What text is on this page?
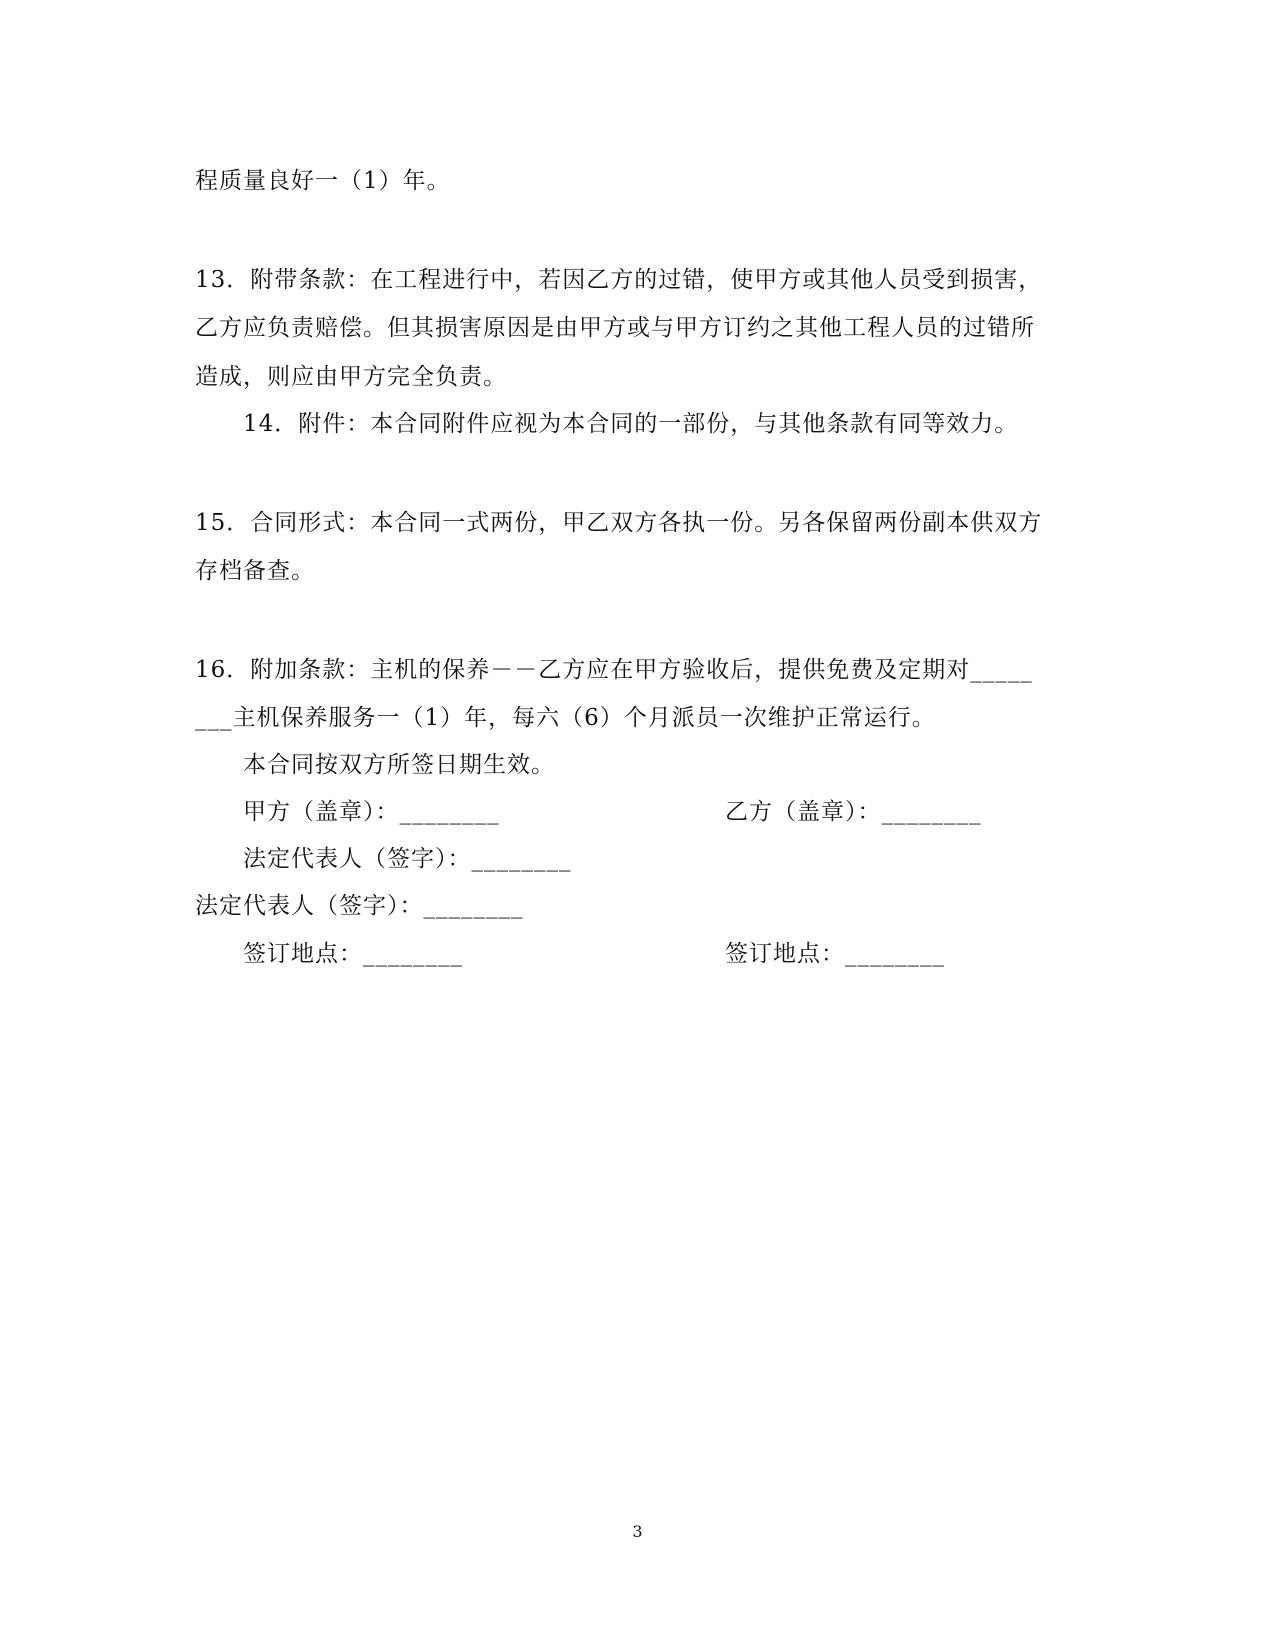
程质量良好一（1）年。
13．附带条款：在工程进行中，若因乙方的过错，使甲方或其他人员受到损害，
乙方应负责赔偿。但其损害原因是由甲方或与甲方订约之其他工程人员的过错所
造成，则应由甲方完全负责。
14．附件：本合同附件应视为本合同的一部份，与其他条款有同等效力。
15．合同形式：本合同一式两份，甲乙双方各执一份。另各保留两份副本供双方
存档备查。
16．附加条款：主机的保养－－乙方应在甲方验收后，提供免费及定期对_____
___主机保养服务一（1）年，每六（6）个月派员一次维护正常运行。
本合同按双方所签日期生效。
甲方（盖章）：________	乙方（盖章）：________
法定代表人（签字）：________
法定代表人（签字）：________
签订地点：________	签订地点：________
3
